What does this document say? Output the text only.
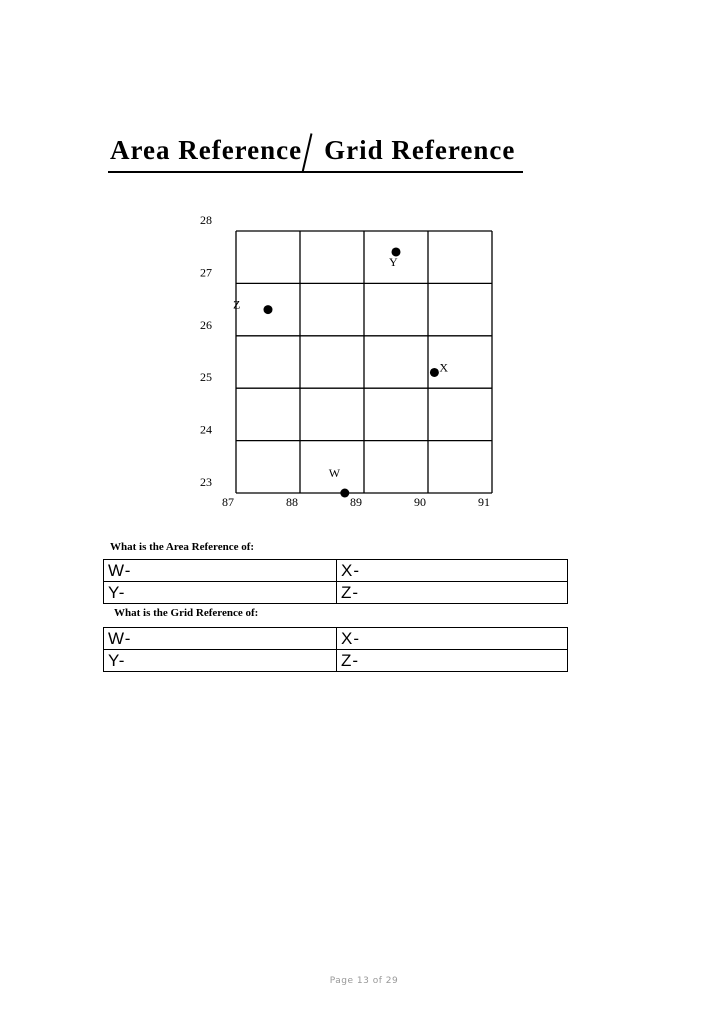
Area Reference Grid Reference
87	88	89	90	91
23
24
25
26
27
28
W
X
Y
Z
What is the Area Reference of:
W-	X-
Y-	Z-
What is the Grid Reference of:
W-	X-
Y-	Z-
Page 13 of 29
